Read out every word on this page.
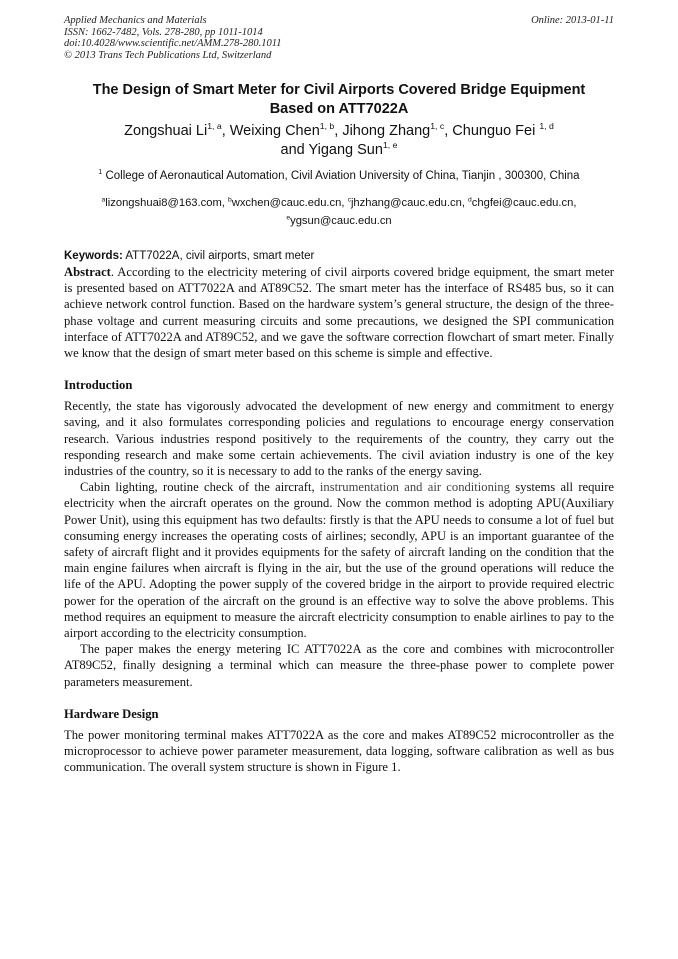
Applied Mechanics and Materials
ISSN: 1662-7482, Vols. 278-280, pp 1011-1014
doi:10.4028/www.scientific.net/AMM.278-280.1011
© 2013 Trans Tech Publications Ltd, Switzerland
Online: 2013-01-11
The Design of Smart Meter for Civil Airports Covered Bridge Equipment
Based on ATT7022A
Zongshuai Li$^{1, a}$, Weixing Chen$^{1, b}$, Jihong Zhang$^{1, c}$, Chunguo Fei $^{1, d}$
and Yigang Sun$^{1, e}$
$^1$ College of Aeronautical Automation, Civil Aviation University of China, Tianjin , 300300, China
$^a$lizongshuai8@163.com, $^b$wxchen@cauc.edu.cn, $^c$jhzhang@cauc.edu.cn, $^d$chgfei@cauc.edu.cn,
$^e$ygsun@cauc.edu.cn
Keywords: ATT7022A, civil airports, smart meter

Abstract. According to the electricity metering of civil airports covered bridge equipment, the smart meter is presented based on ATT7022A and AT89C52. The smart meter has the interface of RS485 bus, so it can achieve network control function. Based on the hardware system’s general structure, the design of the three-phase voltage and current measuring circuits and some precautions, we designed the SPI communication interface of ATT7022A and AT89C52, and we gave the software correction flowchart of smart meter. Finally we know that the design of smart meter based on this scheme is simple and effective.

Introduction

Recently, the state has vigorously advocated the development of new energy and commitment to energy saving, and it also formulates corresponding policies and regulations to encourage energy conservation research. Various industries respond positively to the requirements of the country, they carry out the responding research and make some certain achievements. The civil aviation industry is one of the key industries of the country, so it is necessary to add to the ranks of the energy saving.

Cabin lighting, routine check of the aircraft, instrumentation and air conditioning systems all require electricity when the aircraft operates on the ground. Now the common method is adopting APU(Auxiliary Power Unit), using this equipment has two defaults: firstly is that the APU needs to consume a lot of fuel but consuming energy increases the operating costs of airlines; secondly, APU is an important guarantee of the safety of aircraft flight and it provides equipments for the safety of aircraft landing on the condition that the main engine failures when aircraft is flying in the air, but the use of the ground operations will reduce the life of the APU. Adopting the power supply of the covered bridge in the airport to provide required electric power for the operation of the aircraft on the ground is an effective way to solve the above problems. This method requires an equipment to measure the aircraft electricity consumption to enable airlines to pay to the airport according to the electricity consumption.

The paper makes the energy metering IC ATT7022A as the core and combines with microcontroller AT89C52, finally designing a terminal which can measure the three-phase power to complete power parameters measurement.

Hardware Design

The power monitoring terminal makes ATT7022A as the core and makes AT89C52 microcontroller as the microprocessor to achieve power parameter measurement, data logging, software calibration as well as bus communication. The overall system structure is shown in Figure 1.
